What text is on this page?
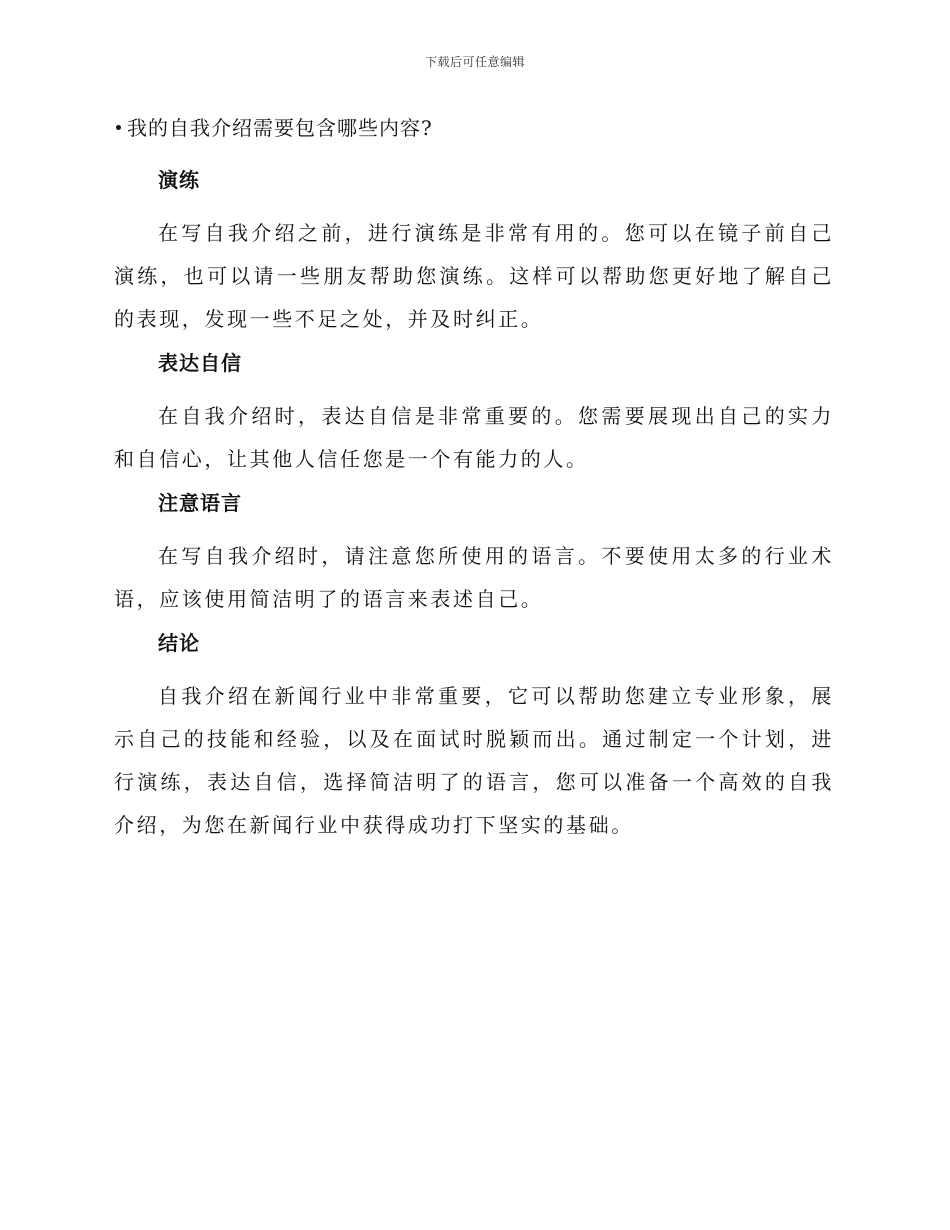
下载后可任意编辑

我的自我介绍需要包含哪些内容?

演练

在写自我介绍之前，进行演练是非常有用的。您可以在镜子前自己演练，也可以请一些朋友帮助您演练。这样可以帮助您更好地了解自己的表现，发现一些不足之处，并及时纠正。

表达自信

在自我介绍时，表达自信是非常重要的。您需要展现出自己的实力和自信心，让其他人信任您是一个有能力的人。

注意语言

在写自我介绍时，请注意您所使用的语言。不要使用太多的行业术语，应该使用简洁明了的语言来表述自己。

结论

自我介绍在新闻行业中非常重要，它可以帮助您建立专业形象，展示自己的技能和经验，以及在面试时脱颖而出。通过制定一个计划，进行演练，表达自信，选择简洁明了的语言，您可以准备一个高效的自我介绍，为您在新闻行业中获得成功打下坚实的基础。
